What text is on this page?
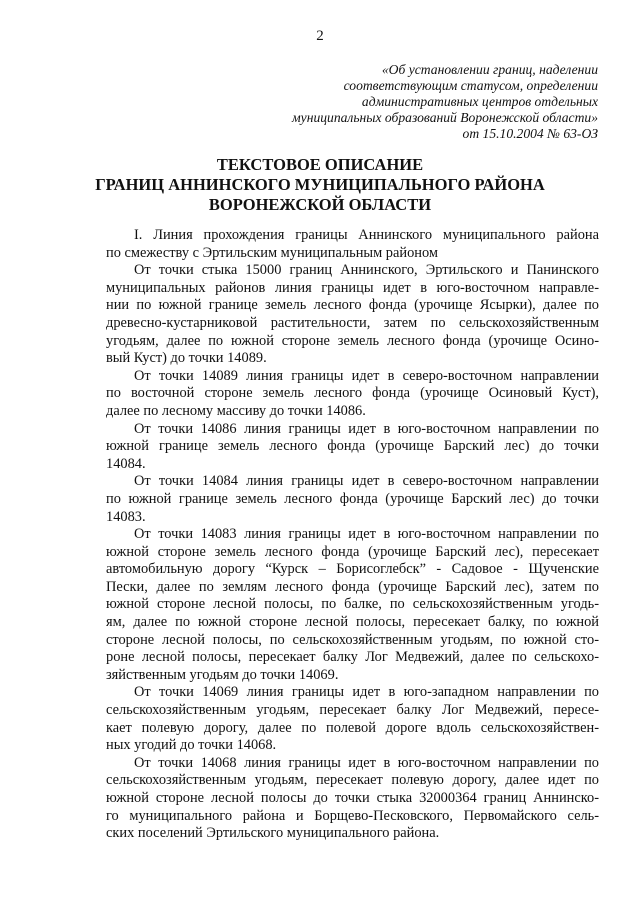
2
«Об установлении границ, наделении
соответствующим статусом, определении
административных центров отдельных
муниципальных образований Воронежской области»
от 15.10.2004 № 63-ОЗ
ТЕКСТОВОЕ ОПИСАНИЕ
ГРАНИЦ АННИНСКОГО МУНИЦИПАЛЬНОГО РАЙОНА
ВОРОНЕЖСКОЙ ОБЛАСТИ
I. Линия прохождения границы Аннинского муниципального района
по смежеству с Эртильским муниципальным районом
От точки стыка 15000 границ Аннинского, Эртильского и Панинского
муниципальных районов линия границы идет в юго-восточном направле-
нии по южной границе земель лесного фонда (урочище Ясырки), далее по
древесно-кустарниковой растительности, затем по сельскохозяйственным
угодьям, далее по южной стороне земель лесного фонда (урочище Осино-
вый Куст) до точки 14089.
От точки 14089 линия границы идет в северо-восточном направлении
по восточной стороне земель лесного фонда (урочище Осиновый Куст),
далее по лесному массиву до точки 14086.
От точки 14086 линия границы идет в юго-восточном направлении по
южной границе земель лесного фонда (урочище Барский лес) до точки
14084.
От точки 14084 линия границы идет в северо-восточном направлении
по южной границе земель лесного фонда (урочище Барский лес) до точки
14083.
От точки 14083 линия границы идет в юго-восточном направлении по
южной стороне земель лесного фонда (урочище Барский лес), пересекает
автомобильную дорогу “Курск – Борисоглебск” - Садовое - Щученские
Пески, далее по землям лесного фонда (урочище Барский лес), затем по
южной стороне лесной полосы, по балке, по сельскохозяйственным угодь-
ям, далее по южной стороне лесной полосы, пересекает балку, по южной
стороне лесной полосы, по сельскохозяйственным угодьям, по южной сто-
роне лесной полосы, пересекает балку Лог Медвежий, далее по сельскохо-
зяйственным угодьям до точки 14069.
От точки 14069 линия границы идет в юго-западном направлении по
сельскохозяйственным угодьям, пересекает балку Лог Медвежий, пересе-
кает полевую дорогу, далее по полевой дороге вдоль сельскохозяйствен-
ных угодий до точки 14068.
От точки 14068 линия границы идет в юго-восточном направлении по
сельскохозяйственным угодьям, пересекает полевую дорогу, далее идет по
южной стороне лесной полосы до точки стыка 32000364 границ Аннинско-
го муниципального района и Борщево-Песковского, Первомайского сель-
ских поселений Эртильского муниципального района.
